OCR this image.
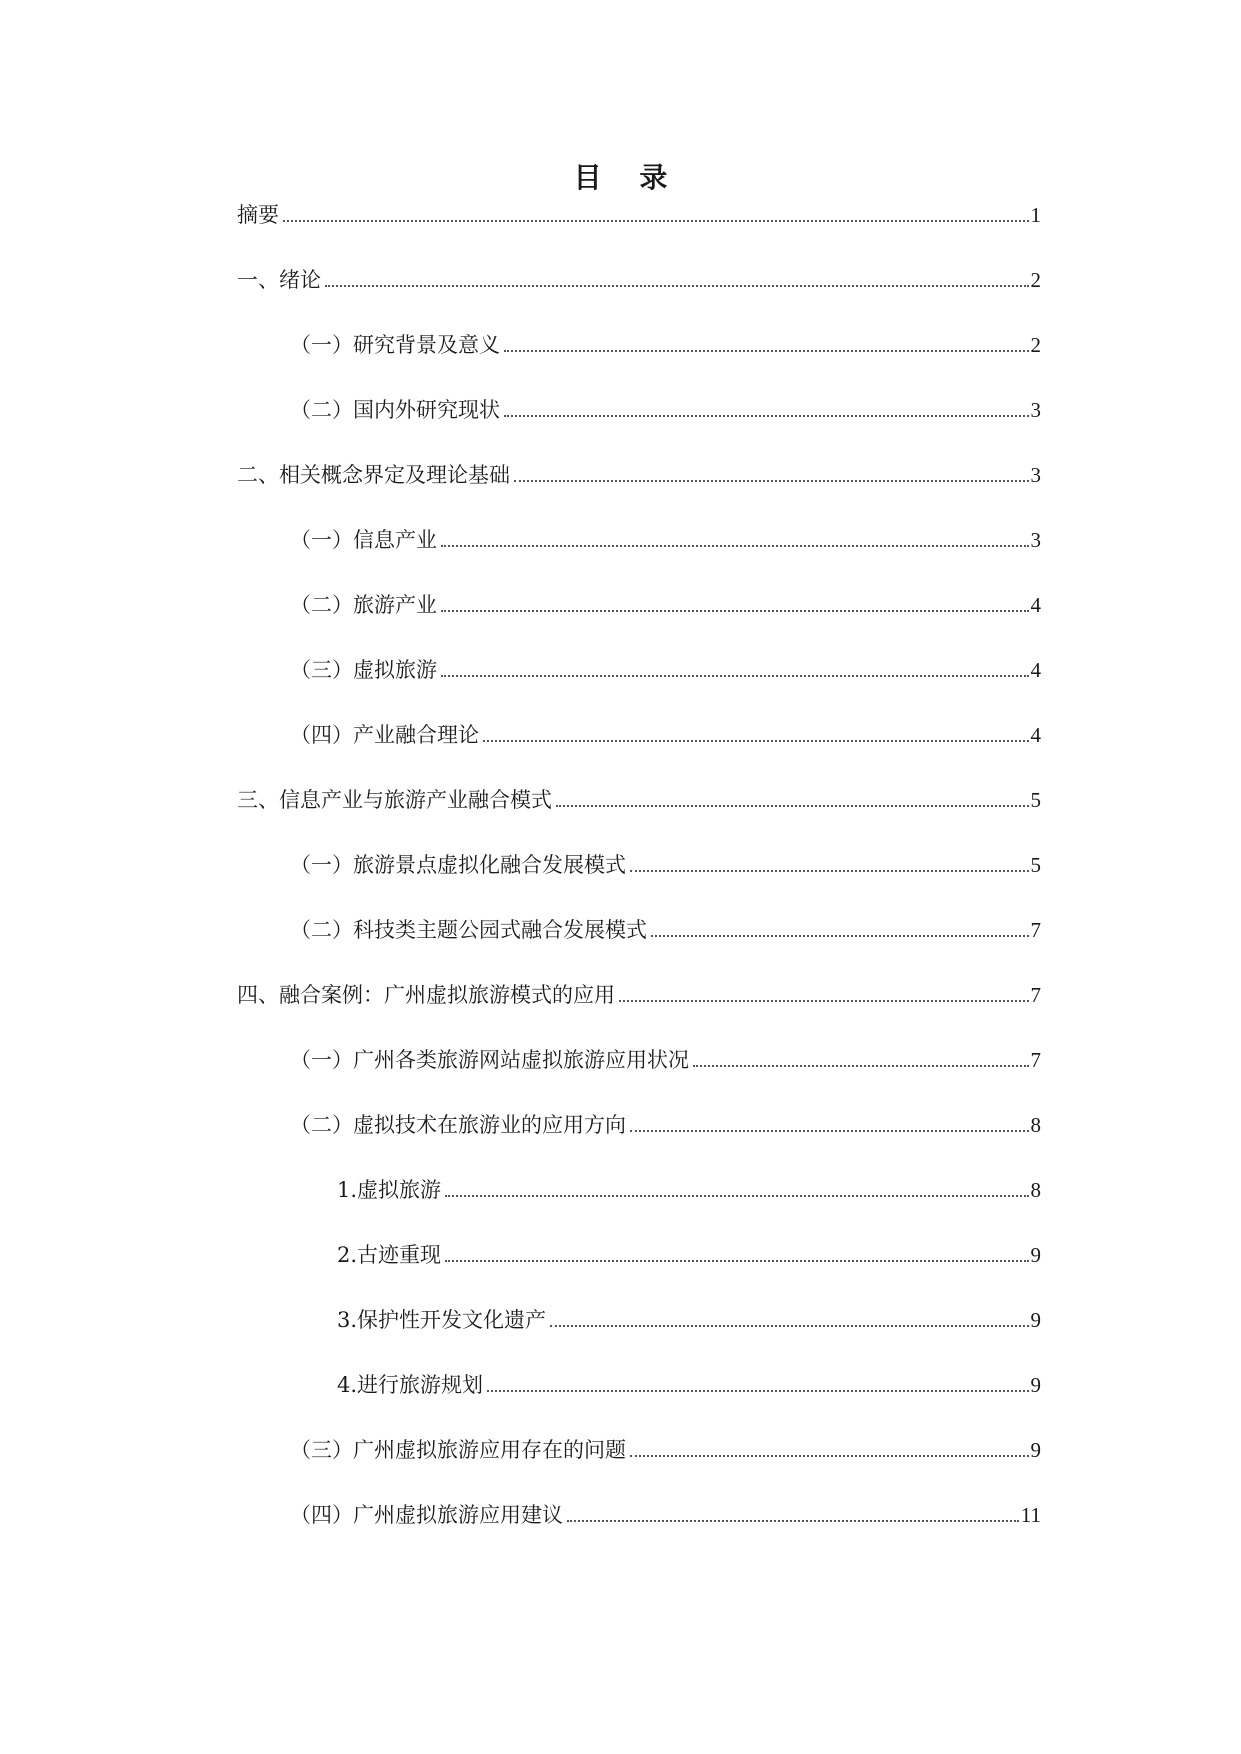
目 录
摘要	1
一、绪论	2
（一）研究背景及意义	2
（二）国内外研究现状	3
二、相关概念界定及理论基础	3
（一）信息产业	3
（二）旅游产业	4
（三）虚拟旅游	4
（四）产业融合理论	4
三、信息产业与旅游产业融合模式	5
（一）旅游景点虚拟化融合发展模式	5
（二）科技类主题公园式融合发展模式	7
四、融合案例：广州虚拟旅游模式的应用	7
（一）广州各类旅游网站虚拟旅游应用状况	7
（二）虚拟技术在旅游业的应用方向	8
1.虚拟旅游	8
2.古迹重现	9
3.保护性开发文化遗产	9
4.进行旅游规划	9
（三）广州虚拟旅游应用存在的问题	9
（四）广州虚拟旅游应用建议	11
